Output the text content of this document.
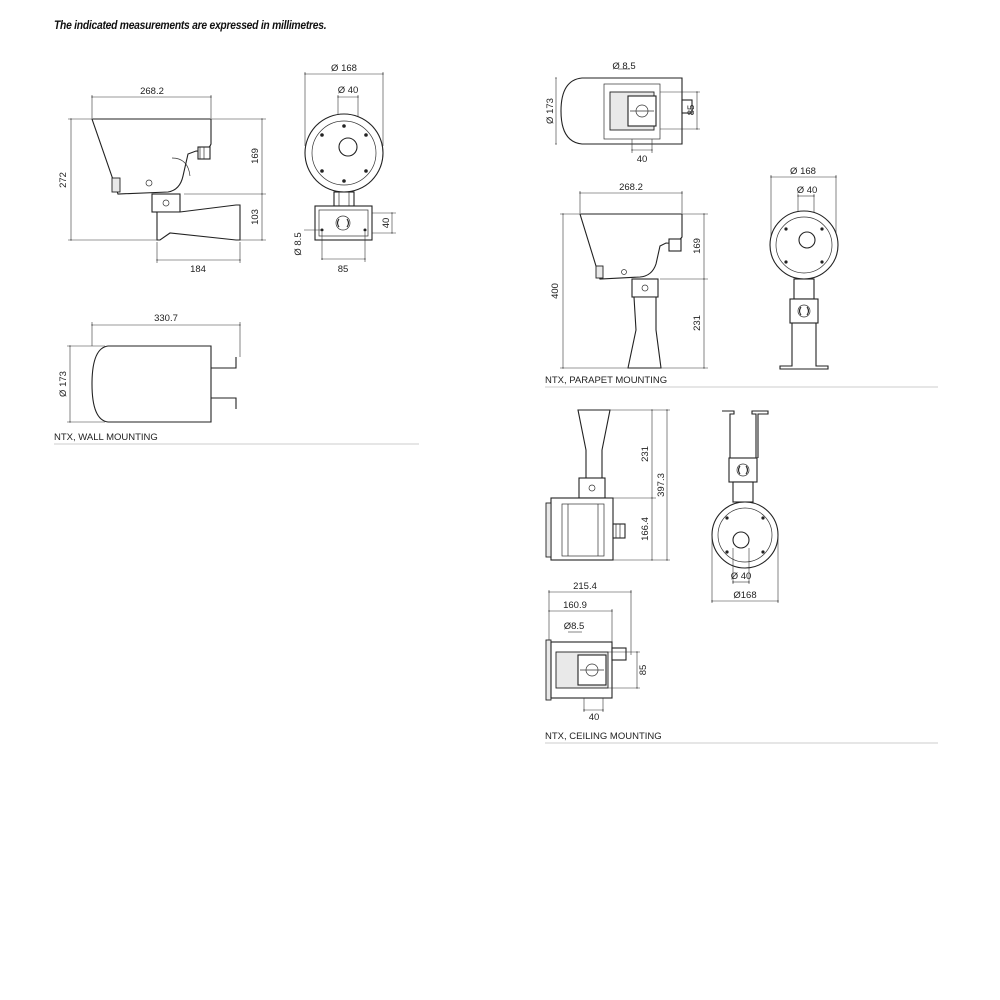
The indicated measurements are expressed in millimetres.
268.2
272
169
103
184
Ø 168
Ø 40
Ø 8.5
40
85
330.7
Ø 173
NTX, WALL MOUNTING
Ø 8.5
Ø 173	85
40
268.2
400
169
231
Ø 168
Ø 40
NTX, PARAPET MOUNTING
231
166.4
397.3
Ø 40
Ø168
215.4
160.9
Ø8.5
85
40
NTX, CEILING MOUNTING
